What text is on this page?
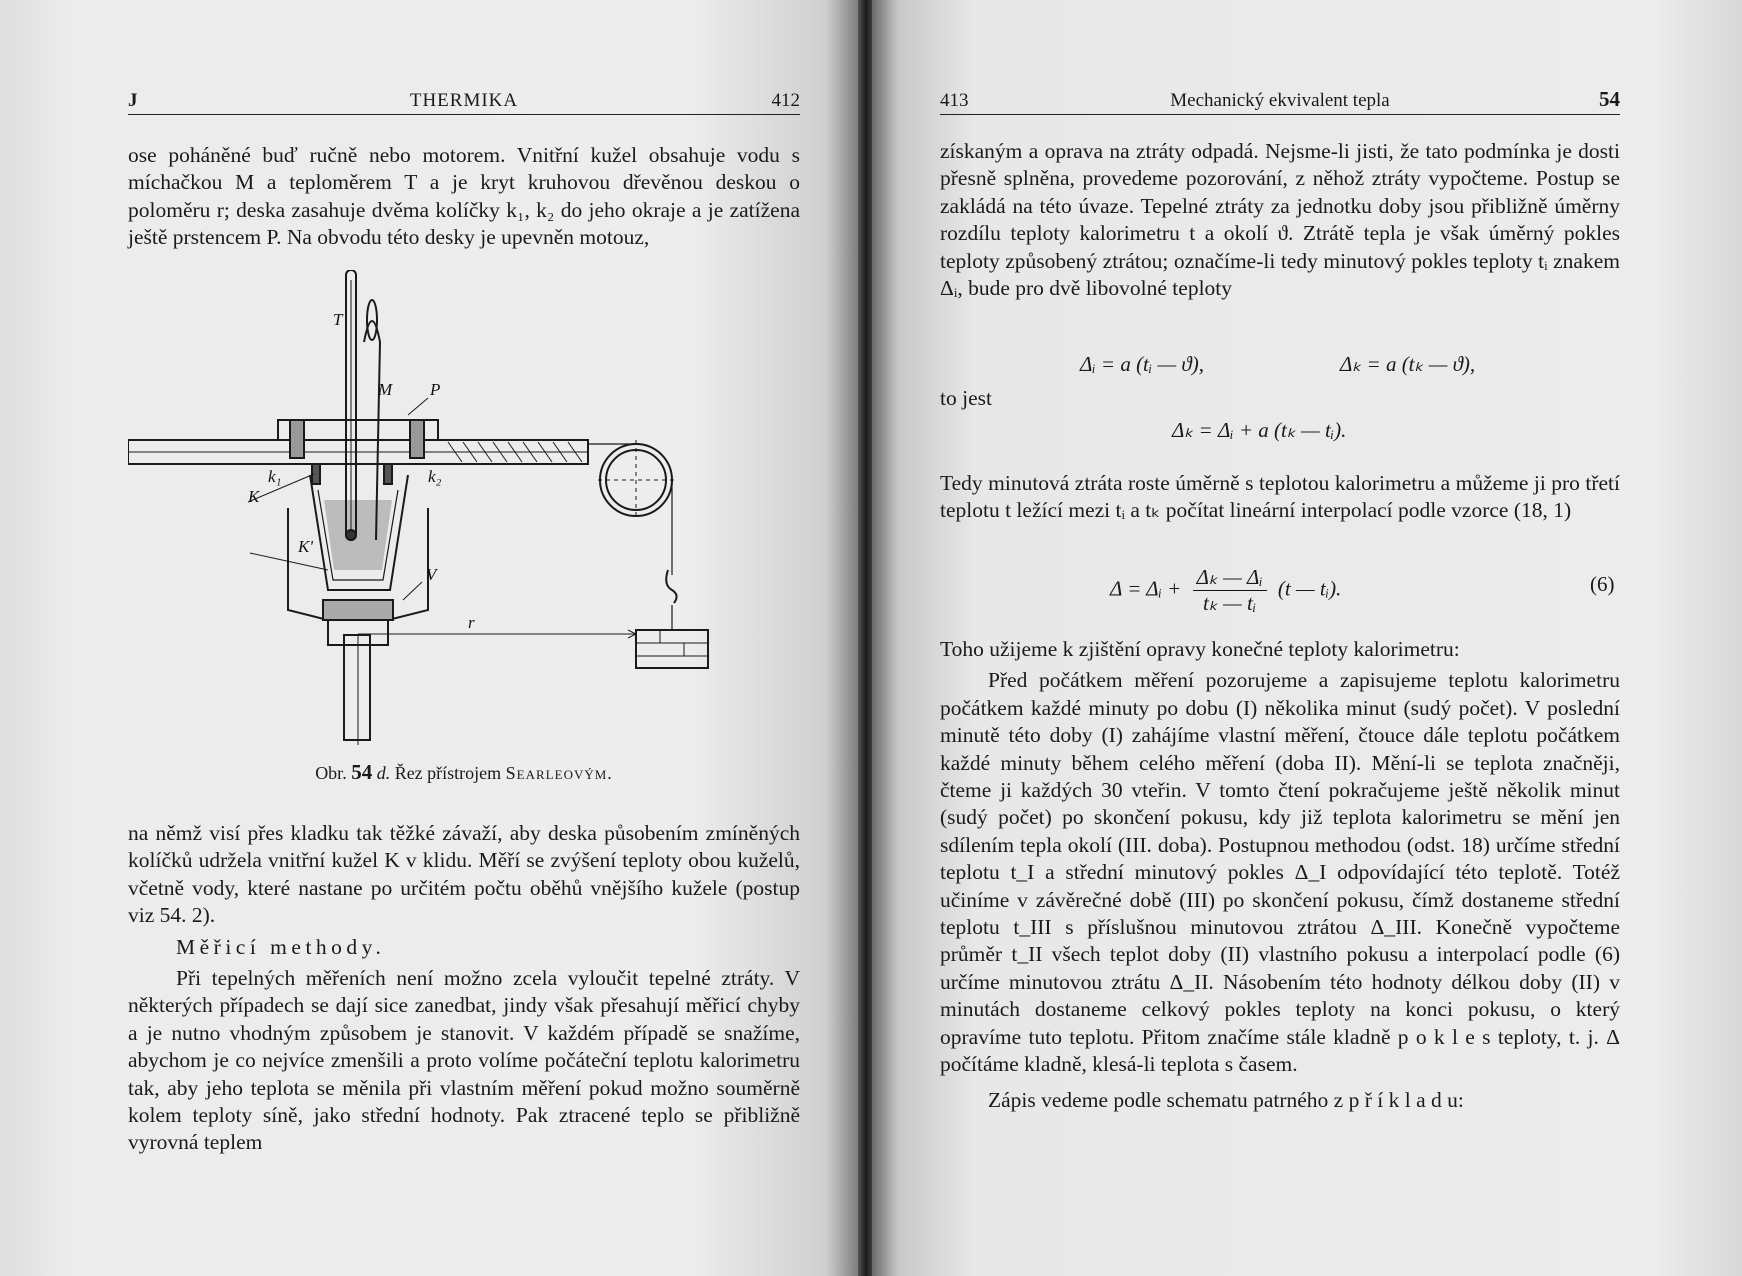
J	THERMIKA	412

ose poháněné buď ručně nebo motorem. Vnitřní kužel obsahuje vodu s míchačkou M a teploměrem T a je kryt kruhovou dřevěnou deskou o poloměru r; deska zasahuje dvěma kolíčky k₁, k₂ do jeho okraje a je zatížena ještě prstencem P. Na obvodu této desky je upevněn motouz,

T
M P
k₁	k₂
K
K'
V
r
Obr. 54 d. Řez přístrojem Searleovým.

na němž visí přes kladku tak těžké závaží, aby deska působením zmíněných kolíčků udržela vnitřní kužel K v klidu. Měří se zvýšení teploty obou kuželů, včetně vody, které nastane po určitém počtu oběhů vnějšího kužele (postup viz 54. 2).

Měřicí methody.

Při tepelných měřeních není možno zcela vyloučit tepelné ztráty. V některých případech se dají sice zanedbat, jindy však přesahují měřicí chyby a je nutno vhodným způsobem je stanovit. V každém případě se snažíme, abychom je co nejvíce zmenšili a proto volíme počáteční teplotu kalorimetru tak, aby jeho teplota se měnila při vlastním měření pokud možno souměrně kolem teploty síně, jako střední hodnoty. Pak ztracené teplo se přibližně vyrovná teplem

413	Mechanický ekvivalent tepla	54

získaným a oprava na ztráty odpadá. Nejsme-li jisti, že tato podmínka je dosti přesně splněna, provedeme pozorování, z něhož ztráty vypočteme. Postup se zakládá na této úvaze. Tepelné ztráty za jednotku doby jsou přibližně úměrny rozdílu teploty kalorimetru t a okolí ϑ. Ztrátě tepla je však úměrný pokles teploty způsobený ztrátou; označíme-li tedy minutový pokles teploty tᵢ znakem Δᵢ, bude pro dvě libovolné teploty

Δᵢ = a (tᵢ — ϑ),	Δₖ = a (tₖ — ϑ),
to jest
Δₖ = Δᵢ + a (tₖ — tᵢ).

Tedy minutová ztráta roste úměrně s teplotou kalorimetru a můžeme ji pro třetí teplotu t ležící mezi tᵢ a tₖ počítat lineární interpolací podle vzorce (18, 1)

Δ = Δᵢ + $\frac{\text{Δₖ — Δᵢ}}{\text{tₖ — tᵢ}} (t$ — tᵢ).	(6)

Toho užijeme k zjištění opravy konečné teploty kalorimetru:

Před počátkem měření pozorujeme a zapisujeme teplotu kalorimetru počátkem každé minuty po dobu (I) několika minut (sudý počet). V poslední minutě této doby (I) zahájíme vlastní měření, čtouce dále teplotu počátkem každé minuty během celého měření (doba II). Mění-li se teplota značněji, čteme ji každých 30 vteřin. V tomto čtení pokračujeme ještě několik minut (sudý počet) po skončení pokusu, kdy již teplota kalorimetru se mění jen sdílením tepla okolí (III. doba). Postupnou methodou (odst. 18) určíme střední teplotu t_I a střední minutový pokles Δ_I odpovídající této teplotě. Totéž učiníme v závěrečné době (III) po skončení pokusu, čímž dostaneme střední teplotu t_III s příslušnou minutovou ztrátou Δ_III. Konečně vypočteme průměr t_II všech teplot doby (II) vlastního pokusu a interpolací podle (6) určíme minutovou ztrátu Δ_II. Násobením této hodnoty délkou doby (II) v minutách dostaneme celkový pokles teploty na konci pokusu, o který opravíme tuto teplotu. Přitom značíme stále kladně p o k l e s teploty, t. j. Δ počítáme kladně, klesá-li teplota s časem.

Zápis vedeme podle schematu patrného z p ř í k l a d u:
